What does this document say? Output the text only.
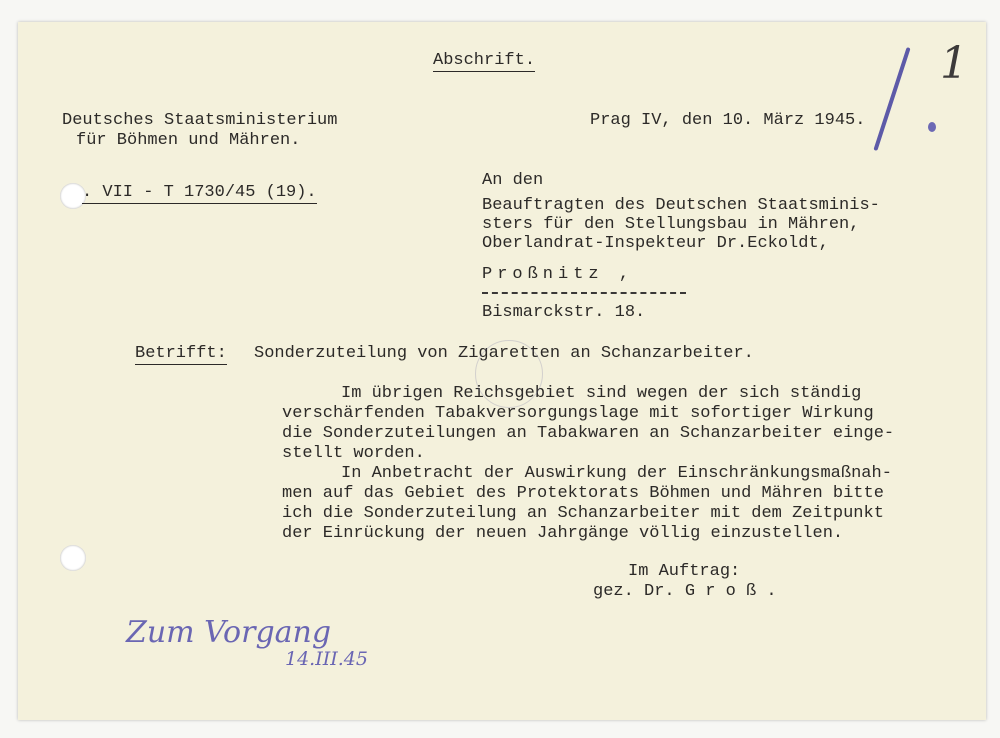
Abschrift.
Deutsches Staatsministerium
für Böhmen und Mähren.
. VII - T 1730/45 (19).
Prag IV, den 10. März 1945.
An den
Beauftragten des Deutschen Staatsminis-
sters für den Stellungsbau in Mähren,
Oberlandrat-Inspekteur Dr.Eckoldt,
Proßnitz ,
Bismarckstr. 18.
Betrifft: Sonderzuteilung von Zigaretten an Schanzarbeiter.
Im übrigen Reichsgebiet sind wegen der sich ständig
verschärfenden Tabakversorgungslage mit sofortiger Wirkung
die Sonderzuteilungen an Tabakwaren an Schanzarbeiter einge-
stellt worden.
In Anbetracht der Auswirkung der Einschränkungsmaßnah-
men auf das Gebiet des Protektorats Böhmen und Mähren bitte
ich die Sonderzuteilung an Schanzarbeiter mit dem Zeitpunkt
der Einrückung der neuen Jahrgänge völlig einzustellen.
Im Auftrag:
gez. Dr. G r o ß .
1
Zum Vorgang
14.III.45
